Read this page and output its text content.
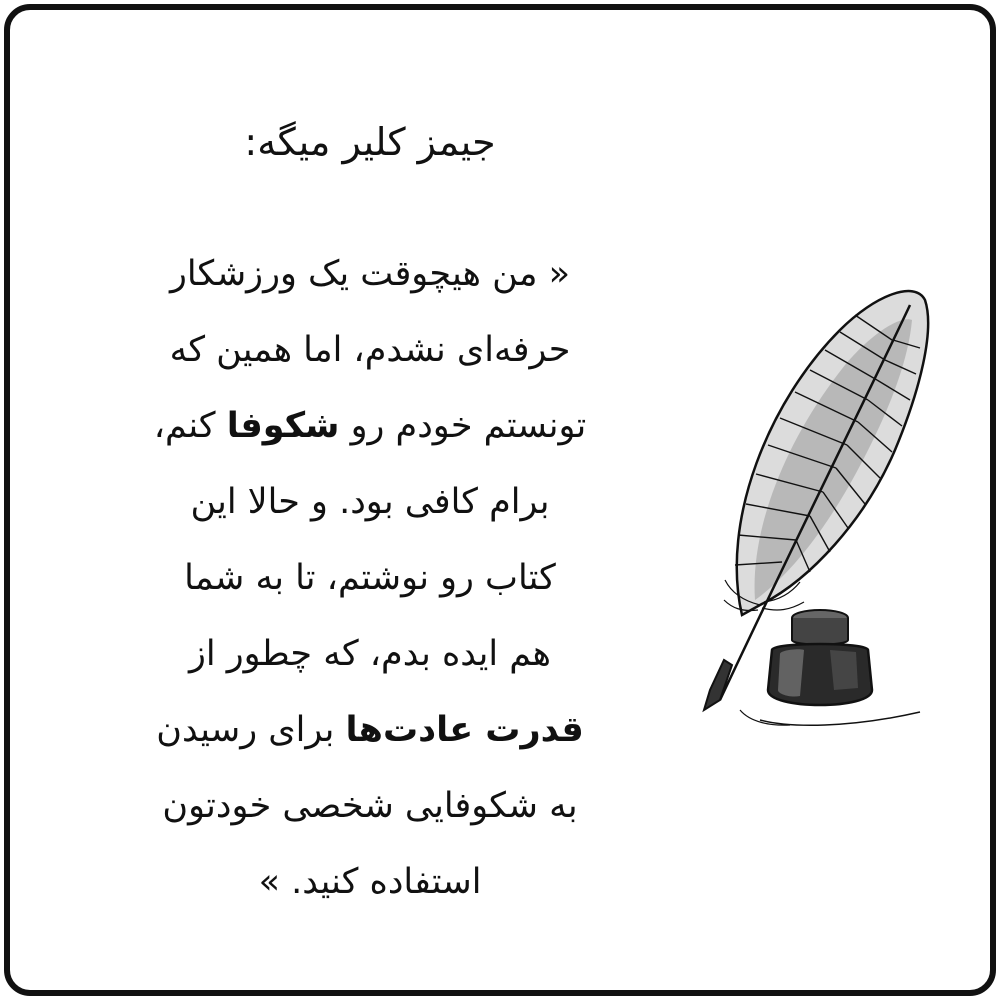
جیمز کلیر میگه:
« من هیچوقت یک ورزشکار
حرفه‌ای نشدم، اما همین که
تونستم خودم رو شکوفا کنم،
برام کافی بود. و حالا این
کتاب رو نوشتم، تا به شما
هم ایده بدم، که چطور از
قدرت عادت‌ها برای رسیدن
به شکوفایی شخصی خودتون
استفاده کنید. »
